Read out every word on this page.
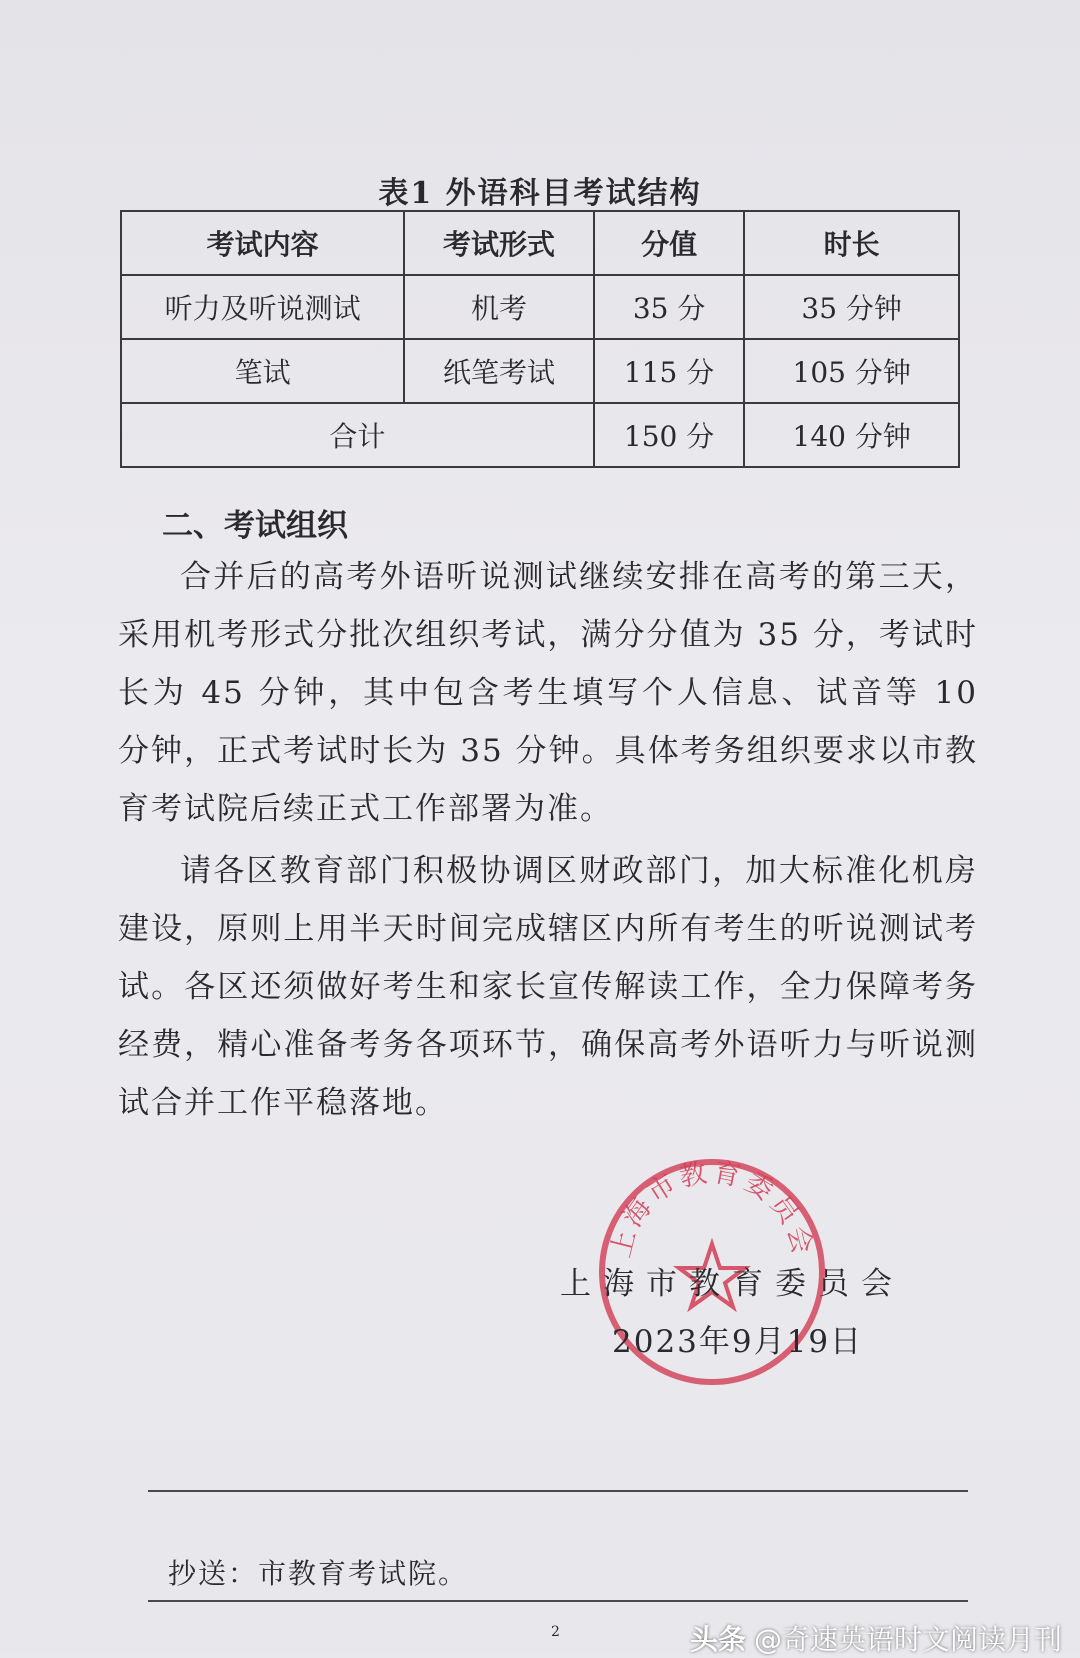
表1 外语科目考试结构
考试内容	考试形式	分值	时长
听力及听说测试	机考	35 分	35 分钟
笔试	纸笔考试	115 分	105 分钟
合计		150 分	140 分钟
二、考试组织
合并后的高考外语听说测试继续安排在高考的第三天，采用机考形式分批次组织考试，满分分值为 35 分，考试时长为 45 分钟，其中包含考生填写个人信息、试音等 10 分钟，正式考试时长为 35 分钟。具体考务组织要求以市教育考试院后续正式工作部署为准。
请各区教育部门积极协调区财政部门，加大标准化机房建设，原则上用半天时间完成辖区内所有考生的听说测试考试。各区还须做好考生和家长宣传解读工作，全力保障考务经费，精心准备考务各项环节，确保高考外语听力与听说测试合并工作平稳落地。
上海市教育委员会
上海市教育委员会
2023年9月19日
抄送：市教育考试院。
2	头条 @奇速英语时文阅读月刊
